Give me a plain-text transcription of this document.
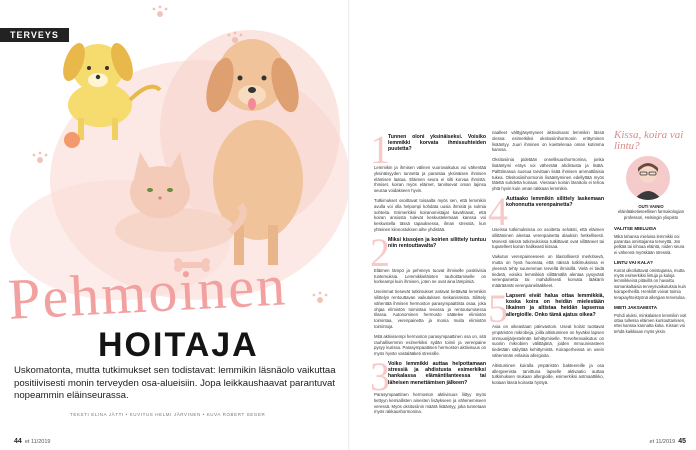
TERVEYS
Pehmoinen
HOITAJA
Uskomatonta, mutta tutkimukset sen todistavat: lemmikin läsnäolo vaikuttaa positiivisesti monin terveyden osa-alueisiin. Jopa leikkaushaavat parantuvat nopeammin eläinseurassa.
TEKSTI ELINA JÄTTI • KUVITUS HELMI JÄRVINEN • KUVA ROBERT SEGER
44 et 11/2019	et 11/2019 45
1
Tunnen oloni yksinäiseksi. Voisiko lemmikki korvata ihmissuhteiden puutetta?

Lemmikin ja ihmisen välinen vuorovaikutus voi vähentää yksinäisyyden tunnetta ja parantaa yksinäisen ihmisen elämisen laatua. Eläimen seura ei silti korvaa ihmistä. Ihmiset, koiran myös eläimet, tarvitsevat oman lajinsa seuraa voidakseen hyvin.

Tutkimukset osoittavat toisaalta myös sen, että lemmikin avulla voi olla helpompi kohdata uusia ihmisiä ja solmia suhteita. Esimerkiksi koiranomistajat kavahtavat, että koiran ansiosta tulevat keskustelemaan kanssa voi keskustella tässä tapauksessa, ilman stressiä, kun yhteinen kiinnostuksen aihe yhdistää.

2
Miksi kissojen ja koirien silittely tuntuu niin rentouttavalta?

Eläimen lämpö ja pehmeys tuovat ihmiselle positiivisia tuntemuksia. Lemmikkieläinten rauhoittamiselle on korkeampi kuin ihmisen, joten ne ovat aina lämpimiä.

Useimmat tiesevät tutkimukset antavat tiettävää lemmikin silittelyn rentouttavan vaikutuksen mekanismista. Silittely vähentää ihmisen hermoston parasympaattista osaa, joka ohjaa elimistön toimintaa levossa ja rentoutumisessa tilassa. Autonominen hermosto säätelee elimistön toimintaa, verenpainetta ja monia muita elimistön toimintoja.

Mitä aktiivisempi hermoston parasympaattinen osa on, sitä rauhallisemmin esimerkiksi sydän toimii ja verenpaine pysyy kurissa. Parasympaattinen hermoston aktiivisuus on myös hyvän vastalääketi stressille.

3
Voiko lemmikki auttaa helpottamaan stressiä ja ahdistusta esimerkiksi hankalassa elämäntilanteessa tai läheisen menettämisen jälkeen?

Parasympaattinen hermoston aktiivisuus liittyy myös tiettyyn kemiallisten ainesten lisäykseen ja vähenemiseen veressä. Myös oksitosiinin määrä lisääntyy, joka tunnetaan myös rakkaushormonina.

naalleet välttyjäsyntyneet aktivoituvat lemmikin lässä olessa: esimerkiksi oksitosiinihormonin erittyminen lisääntyy. Juuri ihminen on koettelenaa oman kotimma kanssa.

Oksitosiinia pidetään onnellisuushormonina, jonka lisääntymi eräys voi vähentää ahdistusta ja lisätä. Paltttimasua suosua tarvitaan lisää ihmisen ammattilaisia tukea. Oksitosiinihormonin lisääntyminen edellyttää myös tätettä suhdetta koiraan. Vierasan koiran läsnäolo ei tehoa yhtä hyvin kuin oman rakkaan lemmikin.

4
Auttaako lemmikin silittely laskemaan kohonnutta verenpainetta?

Useissa tutkimuksissa on osoitettu selvästi, että eläimen silittäminen alentaa verenpainetta alauksin hetkellisesti. Monesti näissä tutkimuksissa tutkittavat ovat silittäneet tai tuputelleet koiran hailkeasti kissaa.

Vaikutus verenpaineeseen on tilastollisesti merkitsevä, mutta on hyvä huomata, että näissä tutkimuksissa ei yleensä tehty suuremman tervellä ihmisillä. Vielä ei tiedä tiedetä, voisiko lemmikkiä silittämällä alentaa pysyvästi verenpainetta tai mahdollisesti korvata lääkärin määräämät verenpainelääkkeet.

5
Lapseni eivät halua ottaa lemmikkiä, koska koira on heidän mielestään likainen ja altistaa heidän lapsensa allergioille. Onko tämä ajatus oikea?

Asia on oikeastaan päinvastoin. Useat koirat tuottavat ympäristön mikrobeja, joilla altistuminen on hyväksi lapsen immuunijärjestelmän kehittymiselle. Tervehenvaikutus on suoriin mikrobien välittäjänä, joiden mmuunivasteen tiedetään säilyttää kehittymistä. Koiraperheissä on usein vähemmän erilaisia allergioita.

Altistuminen koiralla ympäristön bakteereille ja osa allergeenista tarvittuna lapselle aktivaatio auttaa tutkimuksen mukaan allergioille, esimerkiksi astmaattikko, kotiaan lässä koirasta hyötyä.

Kissa, koira vai lintu?
OUTI VAINIO
eläinlääketieteellisen farmakologian professori, Helsingin yliopisto
VALITSE MIELUISA

Mikä tahansa mieluisa lemmikki voi parantaa omistajansa terveyttä. Jos pelkää tai inhoaa eläintä, niiden seura ei vähennä myöskään stressiä.

LINTU VAI KALA?

Koirat ulkoiluttavat omistajansa, mutta myös esimerkiksi lintuja ja kaloja lemmikkeinä pitävillä on havaittu samankaltaisia terveysvaikutuksia kuin koiraperheillä. Henkilöt voivat toimia terapiayhteistyönä allergian tervetuloa.

MIETI JAKSAMISTA

Pohdi aluksi, minkälaisen lemmikin voit ottaa tullessa eläimen kuntouttamisen, ettei kanssa kannatta kotia. Kissan voi tehdä kaikkiaan myös yksin.
